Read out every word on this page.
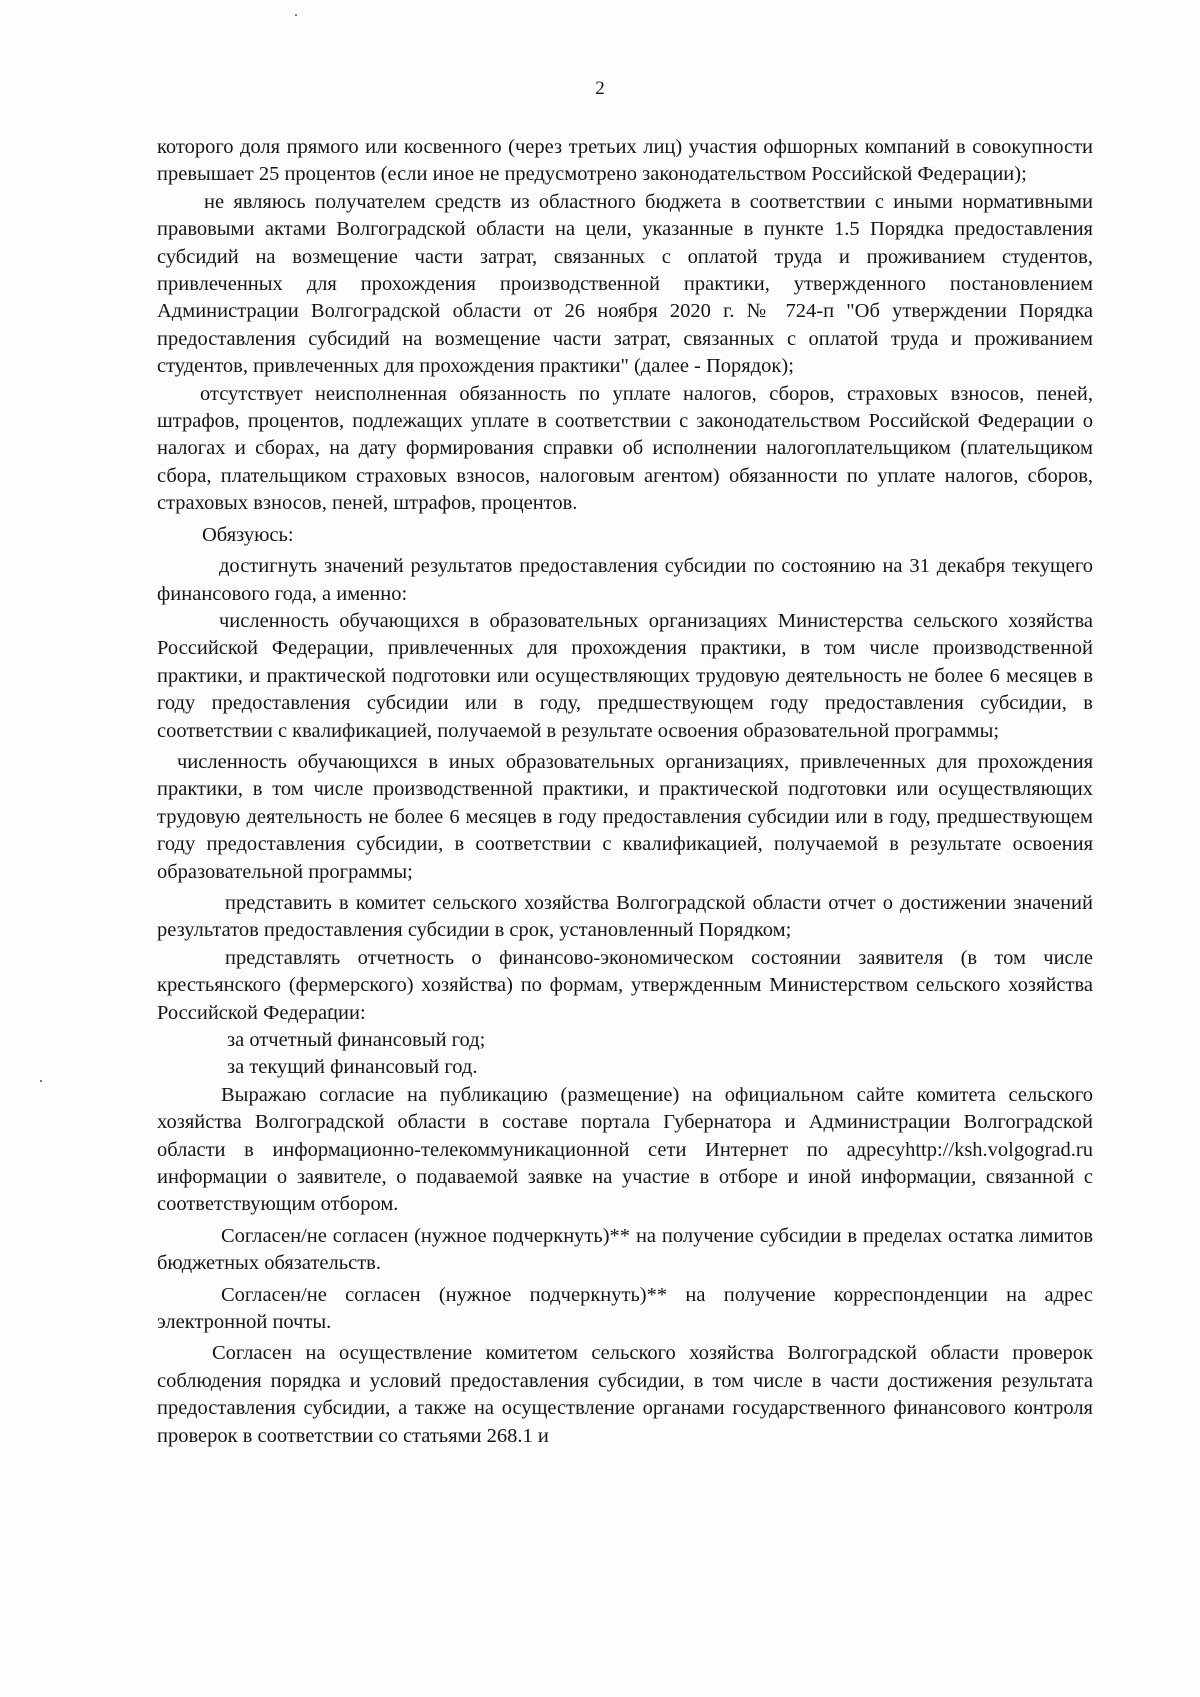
2

которого доля прямого или косвенного (через третьих лиц) участия офшорных компаний в совокупности превышает 25 процентов (если иное не предусмотрено законодательством Российской Федерации);

не являюсь получателем средств из областного бюджета в соответствии с иными нормативными правовыми актами Волгоградской области на цели, указанные в пункте 1.5 Порядка предоставления субсидий на возмещение части затрат, связанных с оплатой труда и проживанием студентов, привлеченных для прохождения производственной практики, утвержденного постановлением Администрации Волгоградской области от 26 ноября 2020 г. № 724-п "Об утверждении Порядка предоставления субсидий на возмещение части затрат, связанных с оплатой труда и проживанием студентов, привлеченных для прохождения практики" (далее - Порядок);

отсутствует неисполненная обязанность по уплате налогов, сборов, страховых взносов, пеней, штрафов, процентов, подлежащих уплате в соответствии с законодательством Российской Федерации о налогах и сборах, на дату формирования справки об исполнении налогоплательщиком (плательщиком сбора, плательщиком страховых взносов, налоговым агентом) обязанности по уплате налогов, сборов, страховых взносов, пеней, штрафов, процентов.

Обязуюсь:

достигнуть значений результатов предоставления субсидии по состоянию на 31 декабря текущего финансового года, а именно:

численность обучающихся в образовательных организациях Министерства сельского хозяйства Российской Федерации, привлеченных для прохождения практики, в том числе производственной практики, и практической подготовки или осуществляющих трудовую деятельность не более 6 месяцев в году предоставления субсидии или в году, предшествующем году предоставления субсидии, в соответствии с квалификацией, получаемой в результате освоения образовательной программы;

численность обучающихся в иных образовательных организациях, привлеченных для прохождения практики, в том числе производственной практики, и практической подготовки или осуществляющих трудовую деятельность не более 6 месяцев в году предоставления субсидии или в году, предшествующем году предоставления субсидии, в соответствии с квалификацией, получаемой в результате освоения образовательной программы;

представить в комитет сельского хозяйства Волгоградской области отчет о достижении значений результатов предоставления субсидии в срок, установленный Порядком;

представлять отчетность о финансово-экономическом состоянии заявителя (в том числе крестьянского (фермерского) хозяйства) по формам, утвержденным Министерством сельского хозяйства Российской Федерации:

за отчетный финансовый год;

за текущий финансовый год.

Выражаю согласие на публикацию (размещение) на официальном сайте комитета сельского хозяйства Волгоградской области в составе портала Губернатора и Администрации Волгоградской области в информационно-телекоммуникационной сети Интернет по адресуhttp://ksh.volgograd.ru информации о заявителе, о подаваемой заявке на участие в отборе и иной информации, связанной с соответствующим отбором.

Согласен/не согласен (нужное подчеркнуть)** на получение субсидии в пределах остатка лимитов бюджетных обязательств.

Согласен/не согласен (нужное подчеркнуть)** на получение корреспонденции на адрес электронной почты.

Согласен на осуществление комитетом сельского хозяйства Волгоградской области проверок соблюдения порядка и условий предоставления субсидии, в том числе в части достижения результата предоставления субсидии, а также на осуществление органами государственного финансового контроля проверок в соответствии со статьями 268.1 и
